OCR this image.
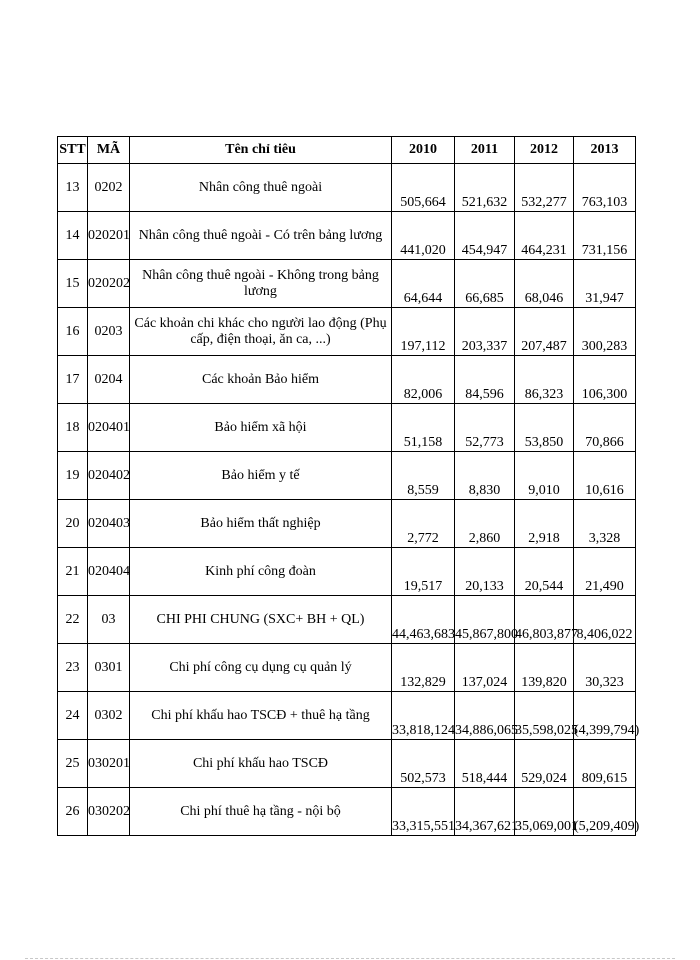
STT	MÃ	Tên chỉ tiêu	2010	2011	2012	2013
13	0202	Nhân công thuê ngoài	505,664	521,632	532,277	763,103
14	020201	Nhân công thuê ngoài - Có trên bảng lương	441,020	454,947	464,231	731,156
15	020202	Nhân công thuê ngoài - Không trong bảng lương	64,644	66,685	68,046	31,947
16	0203	Các khoản chi khác cho người lao động (Phụ cấp, điện thoại, ăn ca, ...)	197,112	203,337	207,487	300,283
17	0204	Các khoản Bảo hiểm	82,006	84,596	86,323	106,300
18	020401	Bảo hiểm xã hội	51,158	52,773	53,850	70,866
19	020402	Bảo hiểm y tế	8,559	8,830	9,010	10,616
20	020403	Bảo hiểm thất nghiệp	2,772	2,860	2,918	3,328
21	020404	Kinh phí công đoàn	19,517	20,133	20,544	21,490
22	03	CHI PHI CHUNG (SXC+ BH + QL)	44,463,683	45,867,800	46,803,877	8,406,022
23	0301	Chi phí công cụ dụng cụ quản lý	132,829	137,024	139,820	30,323
24	0302	Chi phí khấu hao TSCĐ + thuê hạ tầng	33,818,124	34,886,065	35,598,025	(4,399,794)
25	030201	Chi phí khấu hao TSCĐ	502,573	518,444	529,024	809,615
26	030202	Chi phí thuê hạ tầng - nội bộ	33,315,551	34,367,621	35,069,001	(5,209,409)
